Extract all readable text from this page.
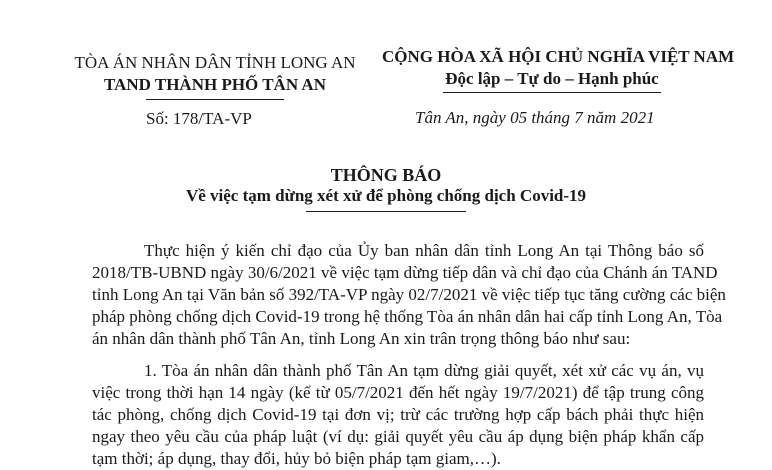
TÒA ÁN NHÂN DÂN TỈNH LONG AN
TAND THÀNH PHỐ TÂN AN
CỘNG HÒA XÃ HỘI CHỦ NGHĨA VIỆT NAM
Độc lập – Tự do – Hạnh phúc
Số: 178/TA-VP	Tân An, ngày 05 tháng 7 năm 2021
THÔNG BÁO
Về việc tạm dừng xét xử để phòng chống dịch Covid-19
Thực hiện ý kiến chỉ đạo của Ủy ban nhân dân tỉnh Long An tại Thông báo số
2018/TB-UBND ngày 30/6/2021 về việc tạm dừng tiếp dân và chỉ đạo của Chánh án TAND
tỉnh Long An tại Văn bản số 392/TA-VP ngày 02/7/2021 về việc tiếp tục tăng cường các biện
pháp phòng chống dịch Covid-19 trong hệ thống Tòa án nhân dân hai cấp tỉnh Long An, Tòa
án nhân dân thành phố Tân An, tỉnh Long An xin trân trọng thông báo như sau:
1. Tòa án nhân dân thành phố Tân An tạm dừng giải quyết, xét xử các vụ án, vụ
việc trong thời hạn 14 ngày (kể từ 05/7/2021 đến hết ngày 19/7/2021) để tập trung công
tác phòng, chống dịch Covid-19 tại đơn vị; trừ các trường hợp cấp bách phải thực hiện
ngay theo yêu cầu của pháp luật (ví dụ: giải quyết yêu cầu áp dụng biện pháp khẩn cấp
tạm thời; áp dụng, thay đổi, hủy bỏ biện pháp tạm giam,…).
